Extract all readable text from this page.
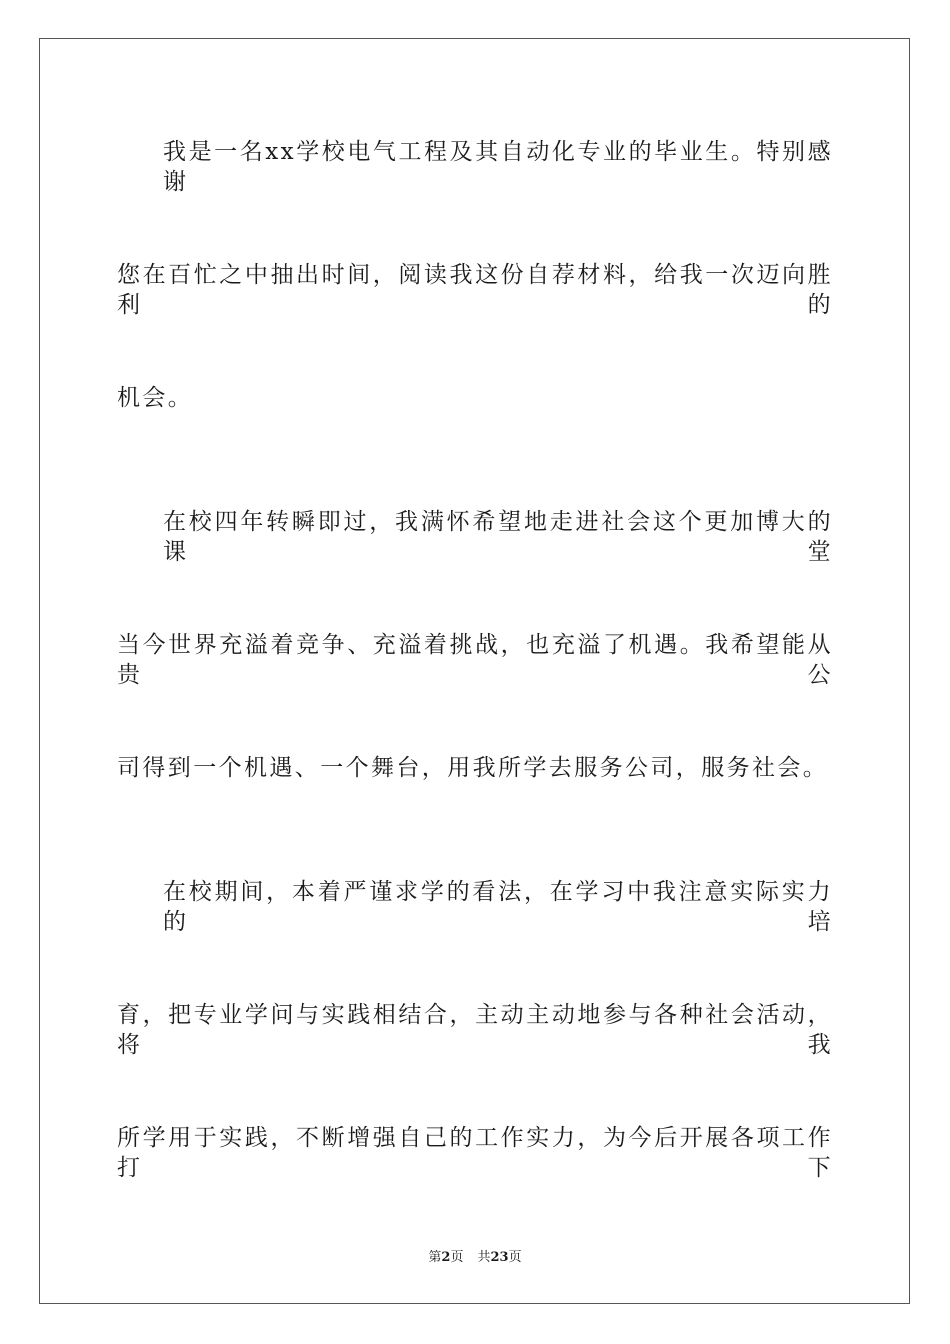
我是一名xx学校电气工程及其自动化专业的毕业生。特别感谢
您在百忙之中抽出时间，阅读我这份自荐材料，给我一次迈向胜利的
机会。
在校四年转瞬即过，我满怀希望地走进社会这个更加博大的课堂
当今世界充溢着竞争、充溢着挑战，也充溢了机遇。我希望能从贵公
司得到一个机遇、一个舞台，用我所学去服务公司，服务社会。
在校期间，本着严谨求学的看法，在学习中我注意实际实力的培
育，把专业学问与实践相结合，主动主动地参与各种社会活动，将我
所学用于实践，不断增强自己的工作实力，为今后开展各项工作打下
第2页 共23页
